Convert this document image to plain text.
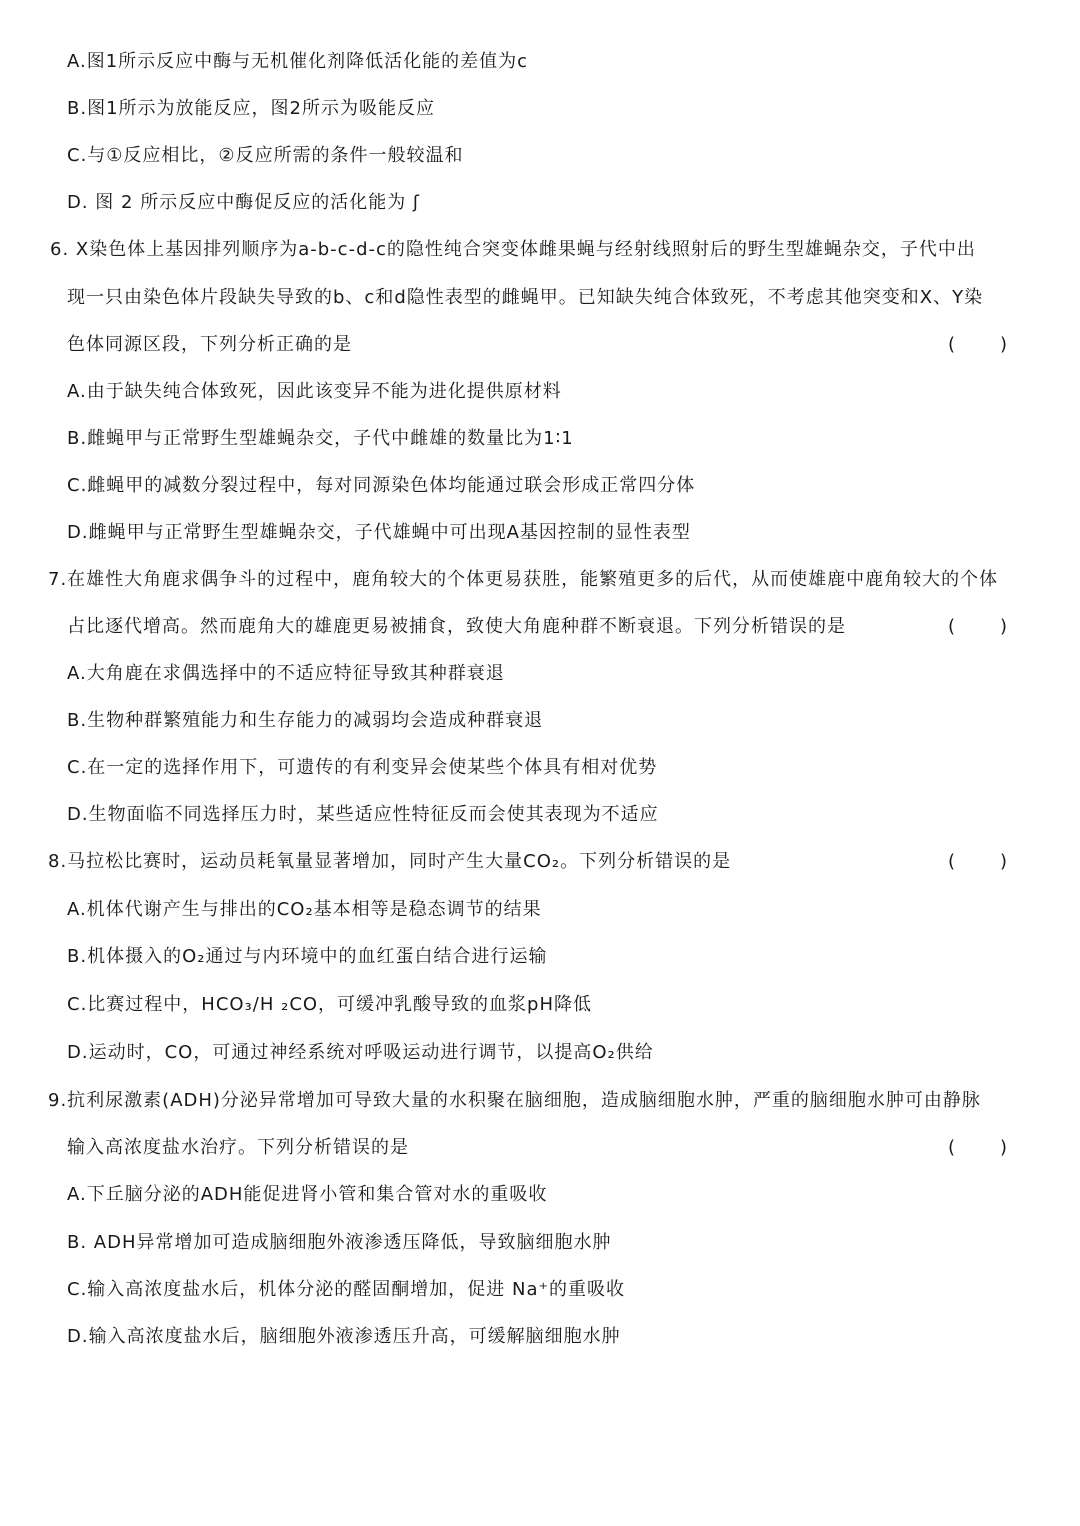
A.图1所示反应中酶与无机催化剂降低活化能的差值为c
B.图1所示为放能反应，图2所示为吸能反应
C.与①反应相比，②反应所需的条件一般较温和
D. 图 2 所示反应中酶促反应的活化能为 ʃ
6. X染色体上基因排列顺序为a-b-c-d-c的隐性纯合突变体雌果蝇与经射线照射后的野生型雄蝇杂交，子代中出
现一只由染色体片段缺失导致的b、c和d隐性表型的雌蝇甲。已知缺失纯合体致死，不考虑其他突变和X、Y染
色体同源区段，下列分析正确的是	( )
A.由于缺失纯合体致死，因此该变异不能为进化提供原材料
B.雌蝇甲与正常野生型雄蝇杂交，子代中雌雄的数量比为1∶1
C.雌蝇甲的减数分裂过程中，每对同源染色体均能通过联会形成正常四分体
D.雌蝇甲与正常野生型雄蝇杂交，子代雄蝇中可出现A基因控制的显性表型
7.在雄性大角鹿求偶争斗的过程中，鹿角较大的个体更易获胜，能繁殖更多的后代，从而使雄鹿中鹿角较大的个体
占比逐代增高。然而鹿角大的雄鹿更易被捕食，致使大角鹿种群不断衰退。下列分析错误的是	( )
A.大角鹿在求偶选择中的不适应特征导致其种群衰退
B.生物种群繁殖能力和生存能力的减弱均会造成种群衰退
C.在一定的选择作用下，可遗传的有利变异会使某些个体具有相对优势
D.生物面临不同选择压力时，某些适应性特征反而会使其表现为不适应
8.马拉松比赛时，运动员耗氧量显著增加，同时产生大量CO₂。下列分析错误的是	( )
A.机体代谢产生与排出的CO₂基本相等是稳态调节的结果
B.机体摄入的O₂通过与内环境中的血红蛋白结合进行运输
C.比赛过程中，HCO₃/H ₂CO，可缓冲乳酸导致的血浆pH降低
D.运动时，CO，可通过神经系统对呼吸运动进行调节，以提高O₂供给
9.抗利尿激素(ADH)分泌异常增加可导致大量的水积聚在脑细胞，造成脑细胞水肿，严重的脑细胞水肿可由静脉
输入高浓度盐水治疗。下列分析错误的是	( )
A.下丘脑分泌的ADH能促进肾小管和集合管对水的重吸收
B. ADH异常增加可造成脑细胞外液渗透压降低，导致脑细胞水肿
C.输入高浓度盐水后，机体分泌的醛固酮增加，促进 Na⁺的重吸收
D.输入高浓度盐水后，脑细胞外液渗透压升高，可缓解脑细胞水肿
